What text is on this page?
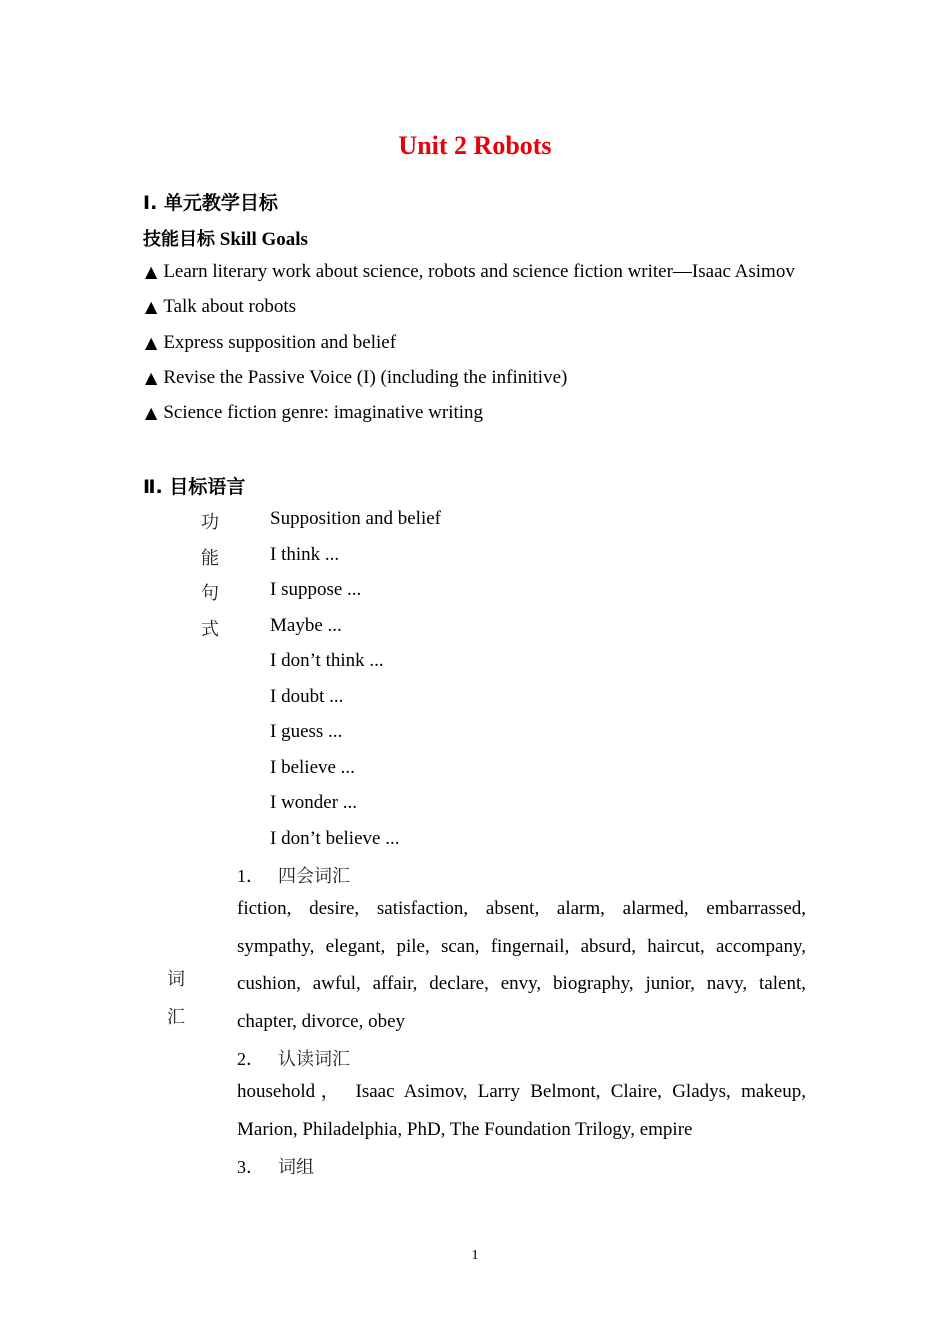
Unit 2 Robots
Ⅰ. 单元教学目标
技能目标 Skill Goals
▲ Learn literary work about science, robots and science fiction writer—Isaac Asimov
▲ Talk about robots
▲ Express supposition and belief
▲ Revise the Passive Voice (I) (including the infinitive)
▲ Science fiction genre: imaginative writing
Ⅱ. 目标语言
功
能
句
式
Supposition and belief
I think ...
I suppose ...
Maybe ...
I don’t think ...
I doubt ...
I guess ...
I believe ...
I wonder ...
I don’t believe ...
词
汇
1． 四会词汇
fiction, desire, satisfaction, absent, alarm, alarmed, embarrassed, sympathy, elegant, pile, scan, fingernail, absurd, haircut, accompany, cushion, awful, affair, declare, envy, biography, junior, navy, talent, chapter, divorce, obey
2． 认读词汇
household， Isaac Asimov, Larry Belmont, Claire, Gladys, makeup, Marion, Philadelphia, PhD, The Foundation Trilogy, empire
3． 词组
1
